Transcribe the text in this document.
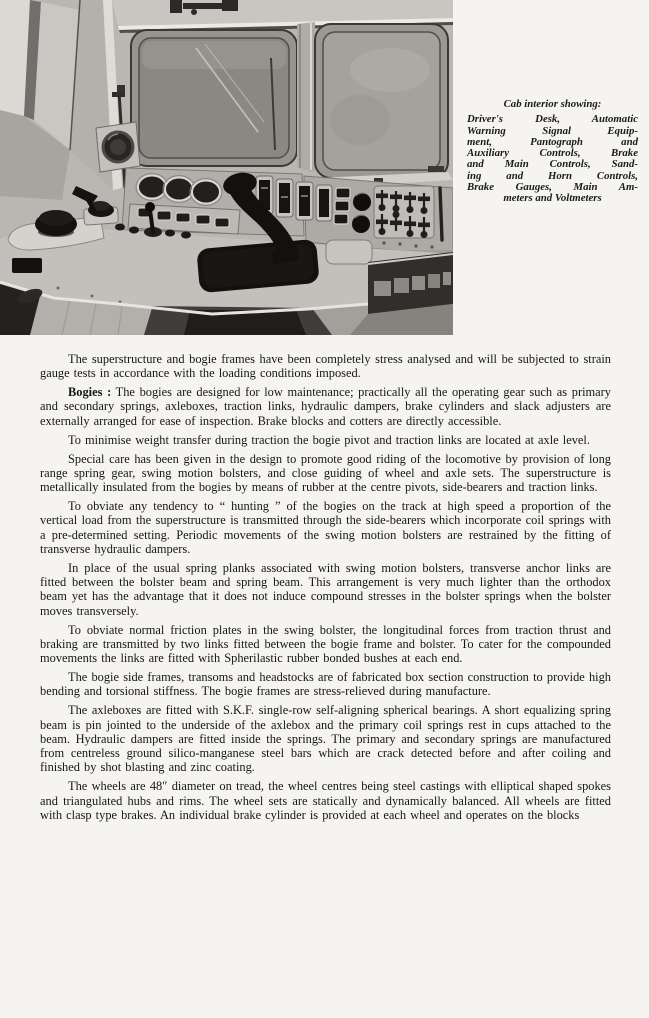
Cab interior showing:
Driver's Desk, Automatic
Warning Signal Equip-
ment, Pantograph and
Auxiliary Controls, Brake
and Main Controls, Sand-
ing and Horn Controls,
Brake Gauges, Main Am-
meters and Voltmeters

The superstructure and bogie frames have been completely stress analysed and will be subjected to strain gauge tests in accordance with the loading conditions imposed.

Bogies : The bogies are designed for low maintenance; practically all the operating gear such as primary and secondary springs, axleboxes, traction links, hydraulic dampers, brake cylinders and slack adjusters are externally arranged for ease of inspection. Brake blocks and cotters are directly accessible.

To minimise weight transfer during traction the bogie pivot and traction links are located at axle level.

Special care has been given in the design to promote good riding of the locomotive by provision of long range spring gear, swing motion bolsters, and close guiding of wheel and axle sets. The superstructure is metallically insulated from the bogies by means of rubber at the centre pivots, side-bearers and traction links.

To obviate any tendency to “ hunting ” of the bogies on the track at high speed a proportion of the vertical load from the superstructure is transmitted through the side-bearers which incorporate coil springs with a pre-determined setting. Periodic movements of the swing motion bolsters are restrained by the fitting of transverse hydraulic dampers.

In place of the usual spring planks associated with swing motion bolsters, transverse anchor links are fitted between the bolster beam and spring beam. This arrangement is very much lighter than the orthodox beam yet has the advantage that it does not induce compound stresses in the bolster springs when the bolster moves transversely.

To obviate normal friction plates in the swing bolster, the longitudinal forces from traction thrust and braking are transmitted by two links fitted between the bogie frame and bolster. To cater for the compounded movements the links are fitted with Spherilastic rubber bonded bushes at each end.

The bogie side frames, transoms and headstocks are of fabricated box section construction to provide high bending and torsional stiffness. The bogie frames are stress-relieved during manufacture.

The axleboxes are fitted with S.K.F. single-row self-aligning spherical bearings. A short equalizing spring beam is pin jointed to the underside of the axlebox and the primary coil springs rest in cups attached to the beam. Hydraulic dampers are fitted inside the springs. The primary and secondary springs are manufactured from centreless ground silico-manganese steel bars which are crack detected before and after coiling and finished by shot blasting and zinc coating.

The wheels are 48″ diameter on tread, the wheel centres being steel castings with elliptical shaped spokes and triangulated hubs and rims. The wheel sets are statically and dynamically balanced. All wheels are fitted with clasp type brakes. An individual brake cylinder is provided at each wheel and operates on the blocks
